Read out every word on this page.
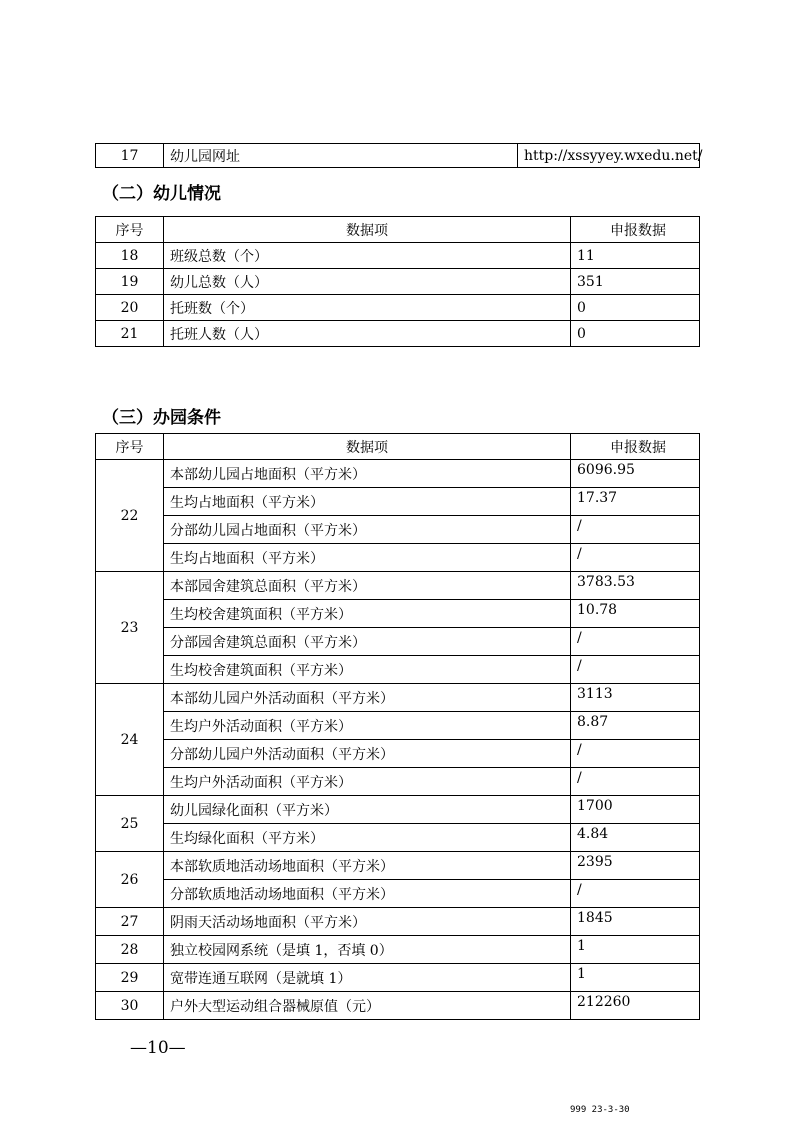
17	幼儿园网址	http://xssyyey.wxedu.net/
（二）幼儿情况
序号	数据项	申报数据
18	班级总数（个）	11
19	幼儿总数（人）	351
20	托班数（个）	0
21	托班人数（人）	0
（三）办园条件
序号	数据项	申报数据
22	本部幼儿园占地面积（平方米）	6096.95
	生均占地面积（平方米）	17.37
	分部幼儿园占地面积（平方米）	/
	生均占地面积（平方米）	/
23	本部园舍建筑总面积（平方米）	3783.53
	生均校舍建筑面积（平方米）	10.78
	分部园舍建筑总面积（平方米）	/
	生均校舍建筑面积（平方米）	/
24	本部幼儿园户外活动面积（平方米）	3113
	生均户外活动面积（平方米）	8.87
	分部幼儿园户外活动面积（平方米）	/
	生均户外活动面积（平方米）	/
25	幼儿园绿化面积（平方米）	1700
	生均绿化面积（平方米）	4.84
26	本部软质地活动场地面积（平方米）	2395
	分部软质地活动场地面积（平方米）	/
27	阴雨天活动场地面积（平方米）	1845
28	独立校园网系统（是填 1，否填 0）	1
29	宽带连通互联网（是就填 1）	1
30	户外大型运动组合器械原值（元）	212260
—10—
999 23-3-30
